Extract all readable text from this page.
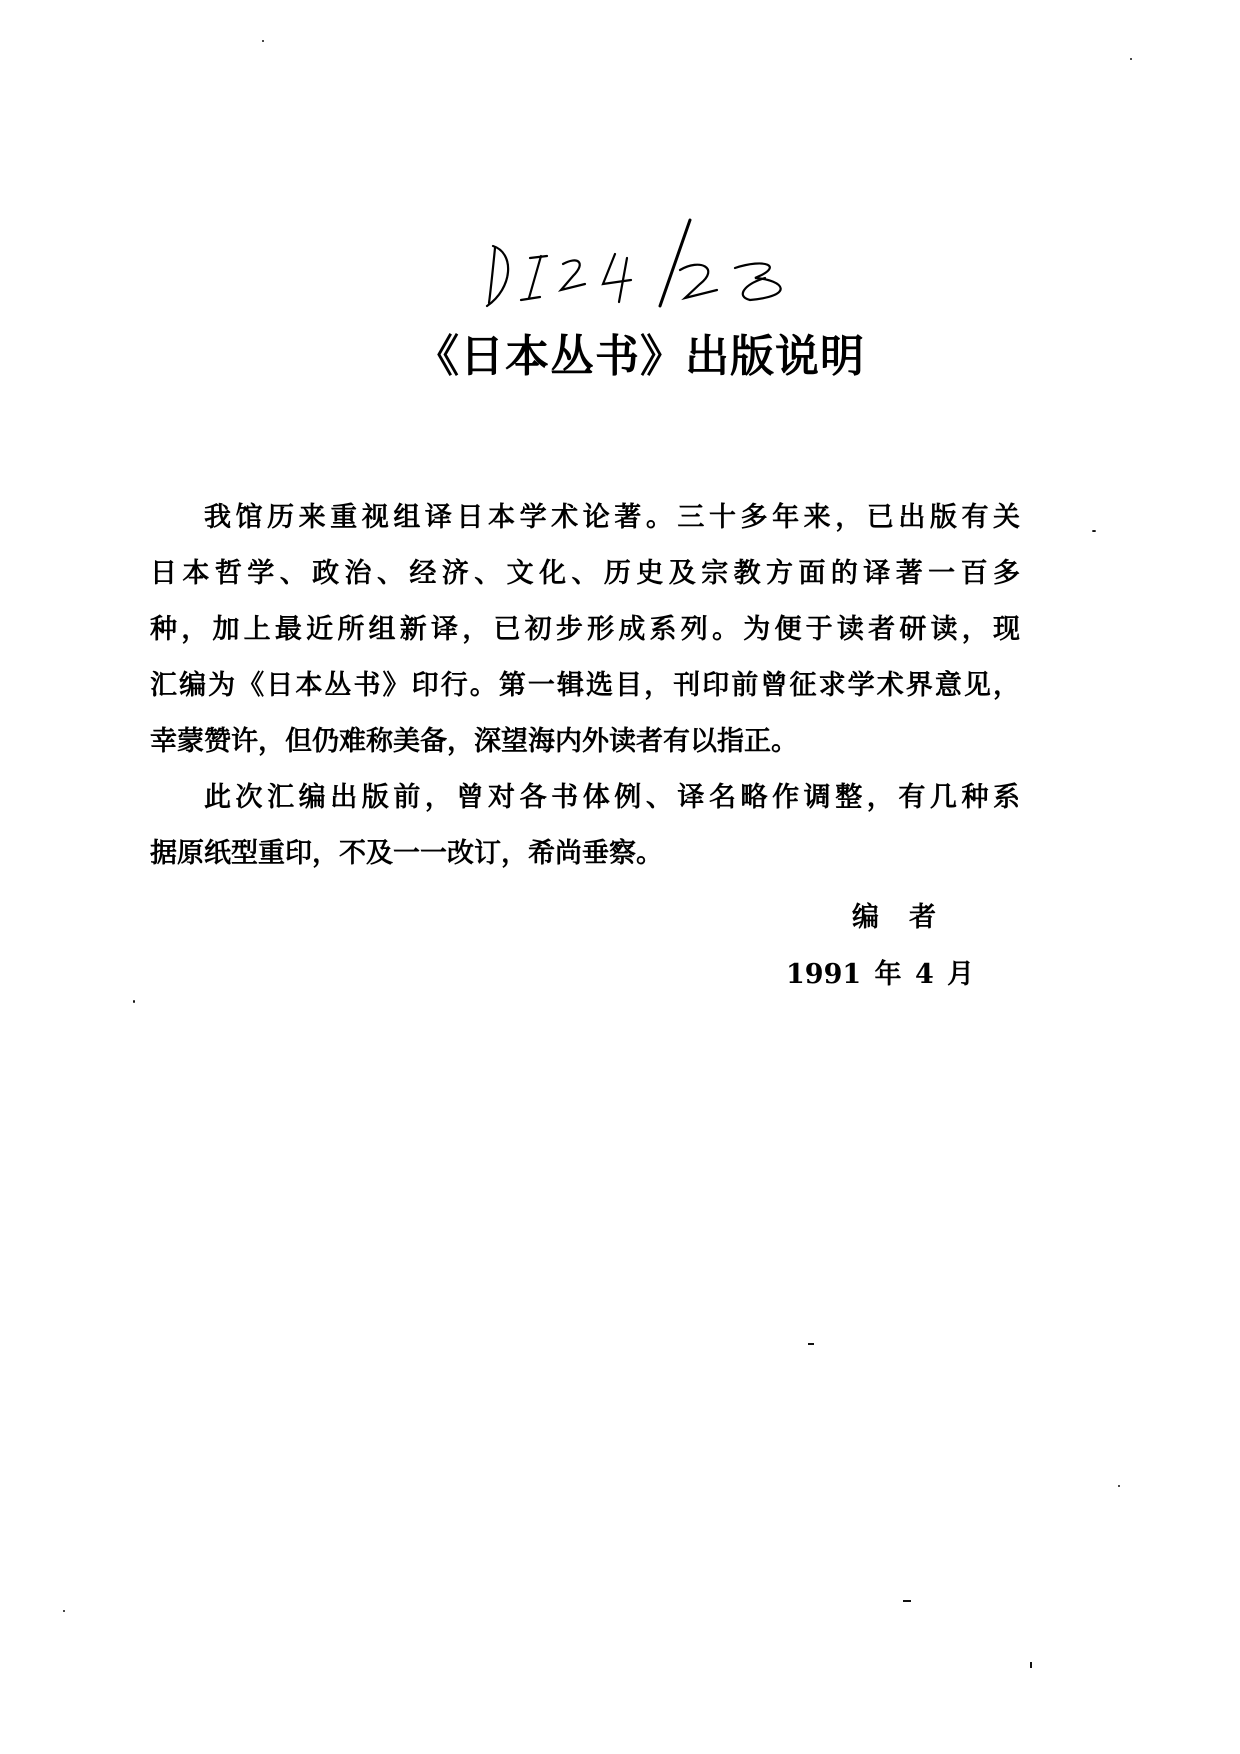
《日本丛书》出版说明

我馆历来重视组译日本学术论著。三十多年来，已出版有关
日本哲学、政治、经济、文化、历史及宗教方面的译著一百多
种，加上最近所组新译，已初步形成系列。为便于读者研读，现
汇编为《日本丛书》印行。第一辑选目，刊印前曾征求学术界意见，
幸蒙赞许，但仍难称美备，深望海内外读者有以指正。

此次汇编出版前，曾对各书体例、译名略作调整，有几种系
据原纸型重印，不及一一改订，希尚垂察。

编者
1991 年 4 月
